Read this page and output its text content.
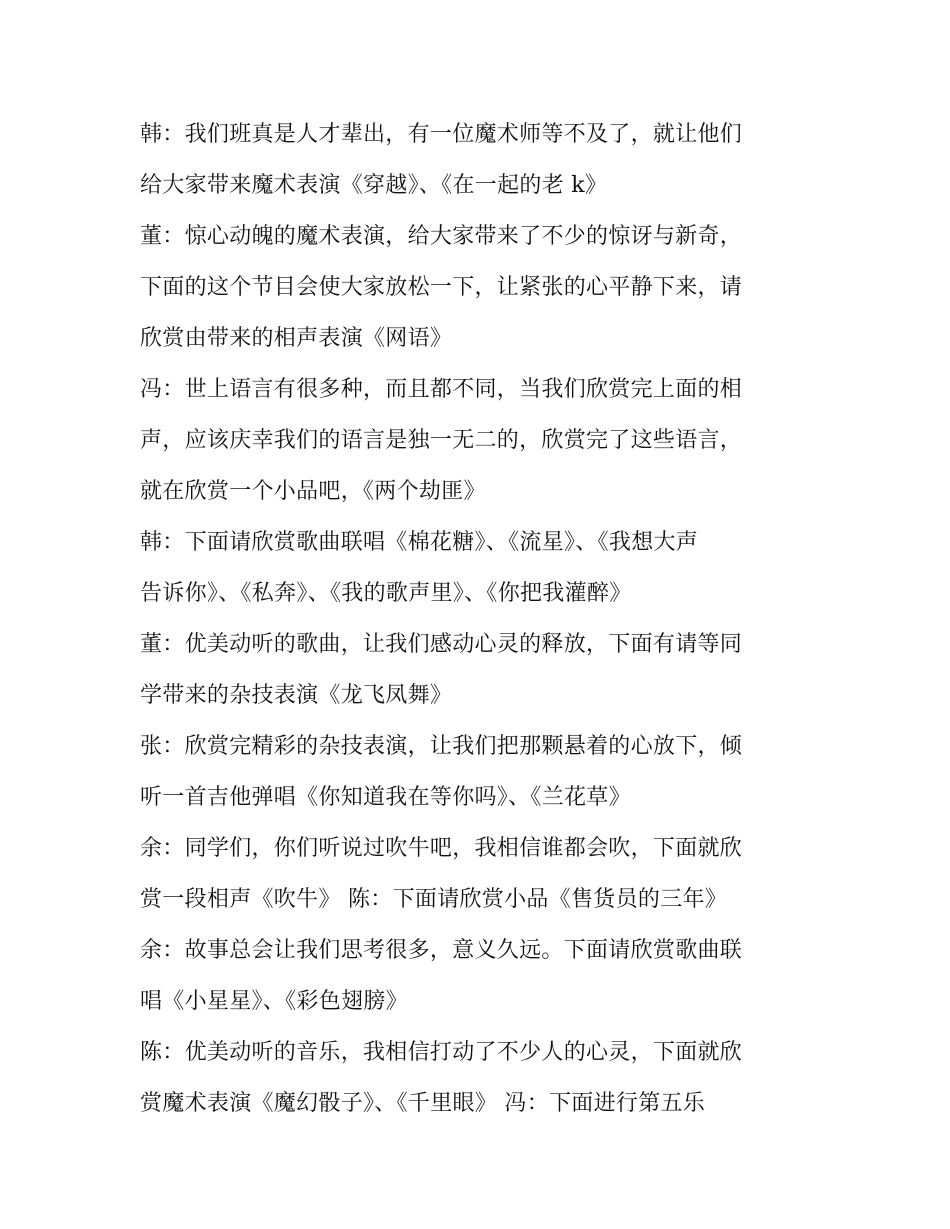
韩：我们班真是人才辈出，有一位魔术师等不及了，就让他们
给大家带来魔术表演《穿越》、《在一起的老 k》
董：惊心动魄的魔术表演，给大家带来了不少的惊讶与新奇，
下面的这个节目会使大家放松一下，让紧张的心平静下来，请
欣赏由带来的相声表演《网语》
冯：世上语言有很多种，而且都不同，当我们欣赏完上面的相
声，应该庆幸我们的语言是独一无二的，欣赏完了这些语言，
就在欣赏一个小品吧，《两个劫匪》
韩：下面请欣赏歌曲联唱《棉花糖》、《流星》、《我想大声
告诉你》、《私奔》、《我的歌声里》、《你把我灌醉》
董：优美动听的歌曲，让我们感动心灵的释放，下面有请等同
学带来的杂技表演《龙飞凤舞》
张：欣赏完精彩的杂技表演，让我们把那颗悬着的心放下，倾
听一首吉他弹唱《你知道我在等你吗》、《兰花草》
余：同学们，你们听说过吹牛吧，我相信谁都会吹，下面就欣
赏一段相声《吹牛》 陈：下面请欣赏小品《售货员的三年》
余：故事总会让我们思考很多，意义久远。下面请欣赏歌曲联
唱《小星星》、《彩色翅膀》
陈：优美动听的音乐，我相信打动了不少人的心灵，下面就欣
赏魔术表演《魔幻骰子》、《千里眼》 冯：下面进行第五乐
